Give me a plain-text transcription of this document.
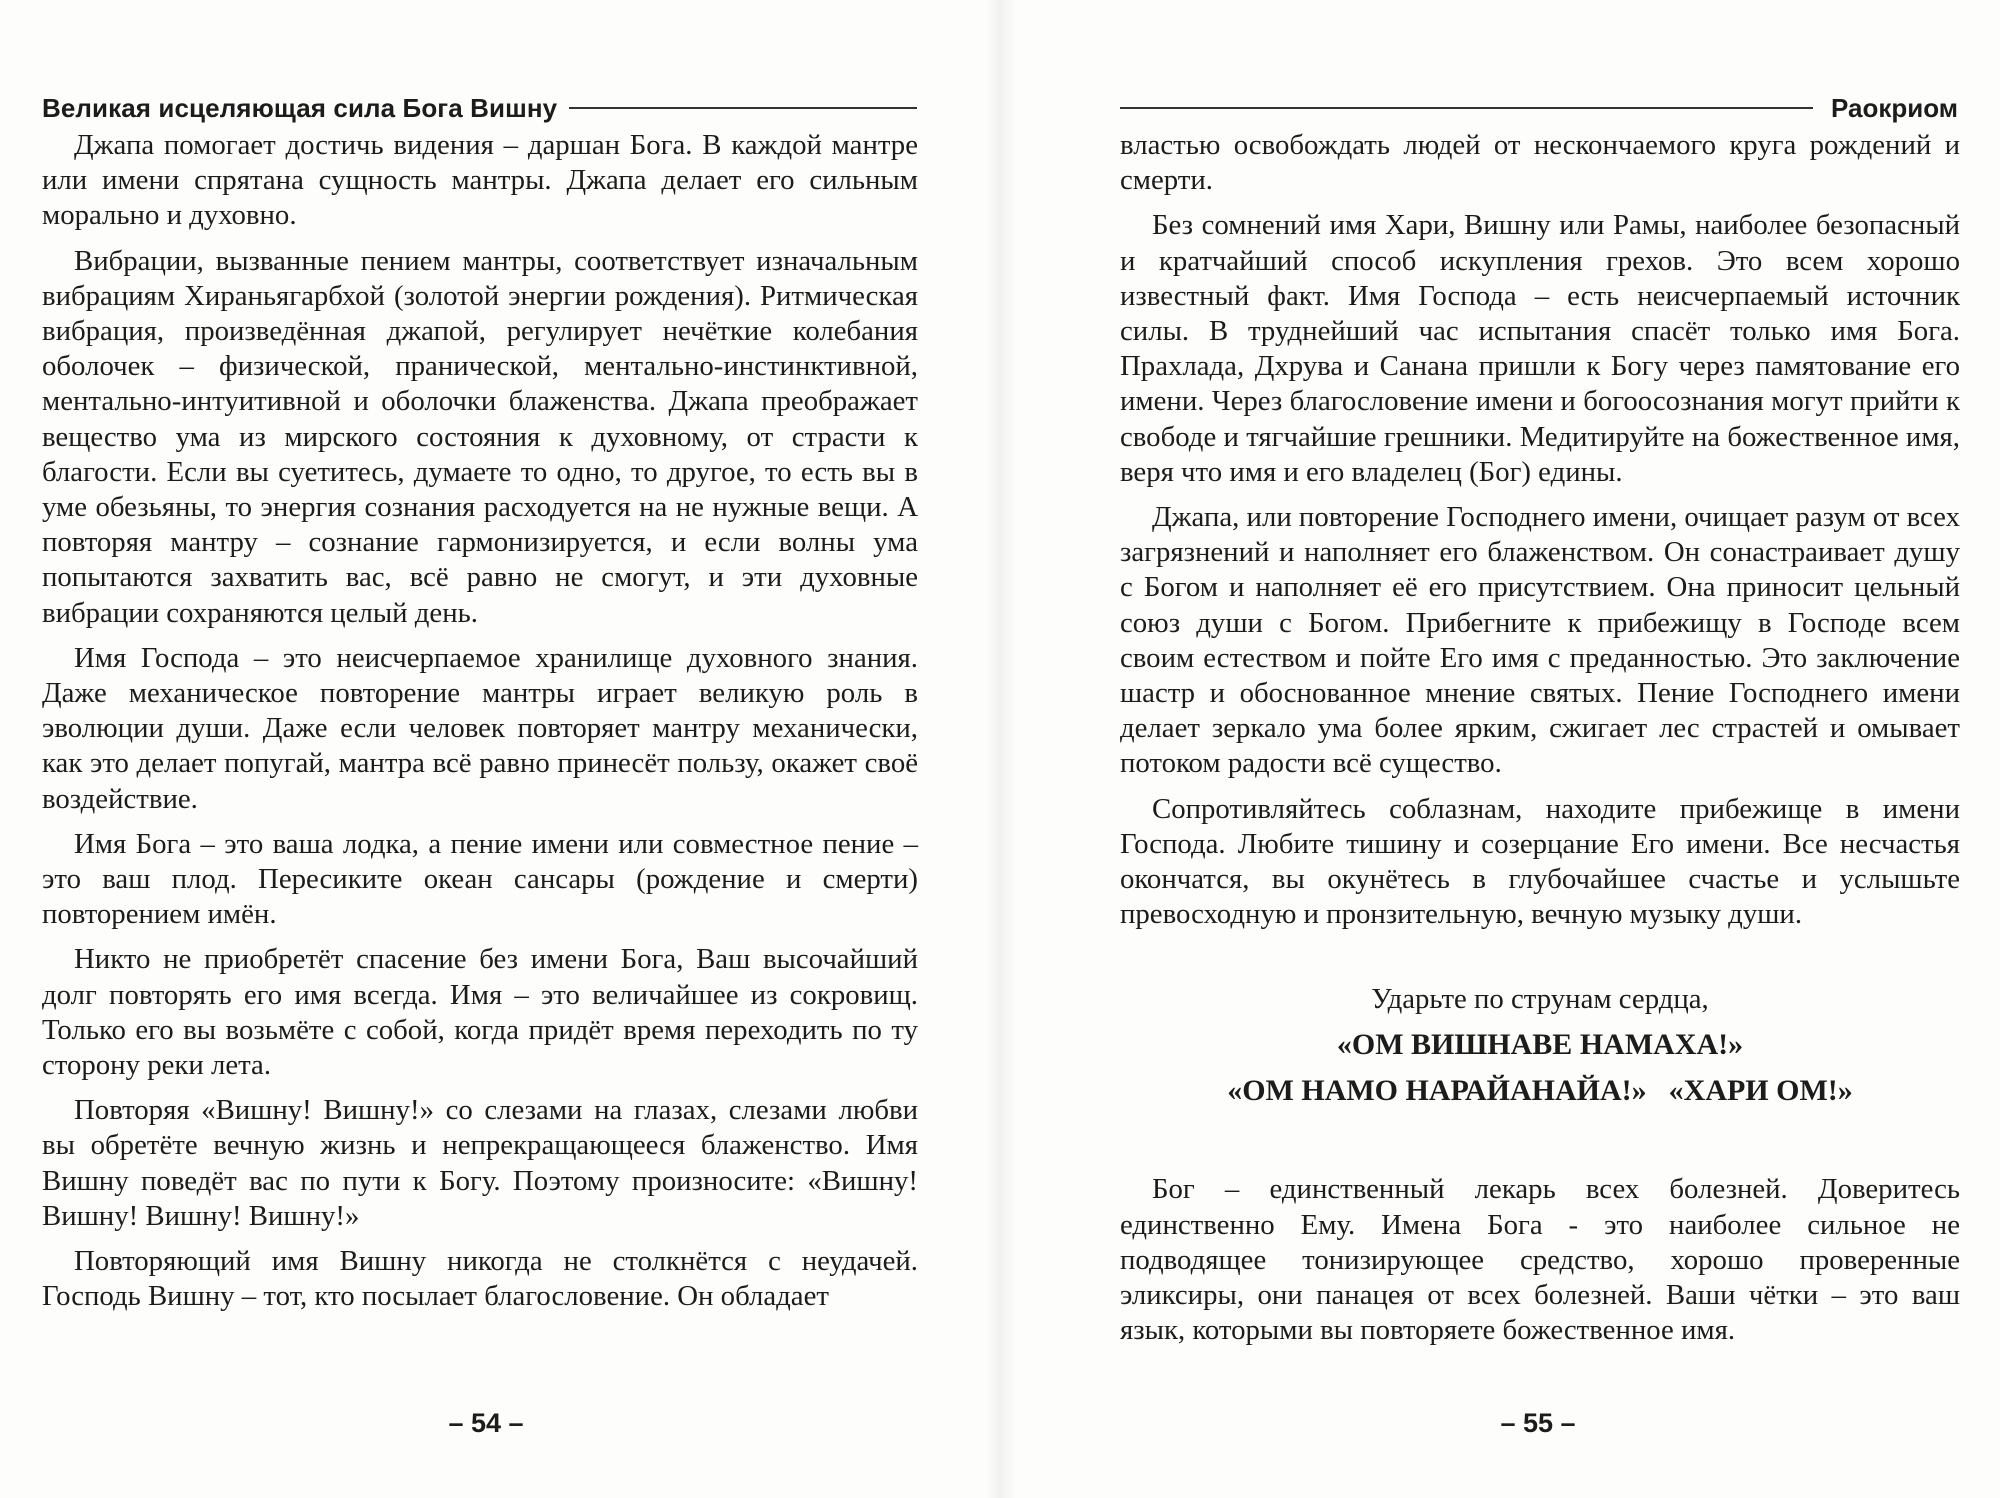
Великая исцеляющая сила Бога Вишну

Джапа помогает достичь видения – даршан Бога. В каждой мантре или имени спрятана сущность мантры. Джапа делает его сильным морально и духовно.

Вибрации, вызванные пением мантры, соответствует изначальным вибрациям Хираньягарбхой (золотой энергии рождения). Ритмическая вибрация, произведённая джапой, регулирует нечёткие колебания оболочек – физической, пранической, ментально-инстинктивной, ментально-интуитивной и оболочки блаженства. Джапа преображает вещество ума из мирского состояния к духовному, от страсти к благости. Если вы суетитесь, думаете то одно, то другое, то есть вы в уме обезьяны, то энергия сознания расходуется на не нужные вещи. А повторяя мантру – сознание гармонизируется, и если волны ума попытаются захватить вас, всё равно не смогут, и эти духовные вибрации сохраняются целый день.

Имя Господа – это неисчерпаемое хранилище духовного знания. Даже механическое повторение мантры играет великую роль в эволюции души. Даже если человек повторяет мантру механически, как это делает попугай, мантра всё равно принесёт пользу, окажет своё воздействие.

Имя Бога – это ваша лодка, а пение имени или совместное пение – это ваш плод. Пересиките океан сансары (рождение и смерти) повторением имён.

Никто не приобретёт спасение без имени Бога, Ваш высочайший долг повторять его имя всегда. Имя – это величайшее из сокровищ. Только его вы возьмёте с собой, когда придёт время переходить по ту сторону реки лета.

Повторяя «Вишну! Вишну!» со слезами на глазах, слезами любви вы обретёте вечную жизнь и непрекращающееся блаженство. Имя Вишну поведёт вас по пути к Богу. Поэтому произносите: «Вишну! Вишну! Вишну! Вишну!»

Повторяющий имя Вишну никогда не столкнётся с неудачей. Господь Вишну – тот, кто посылает благословение. Он обладает

– 54 –
Раокриом

властью освобождать людей от нескончаемого круга рождений и смерти.

Без сомнений имя Хари, Вишну или Рамы, наиболее безопасный и кратчайший способ искупления грехов. Это всем хорошо известный факт. Имя Господа – есть неисчерпаемый источник силы. В труднейший час испытания спасёт только имя Бога. Прахлада, Дхрува и Санана пришли к Богу через памятование его имени. Через благословение имени и богоосознания могут прийти к свободе и тягчайшие грешники. Медитируйте на божественное имя, веря что имя и его владелец (Бог) едины.

Джапа, или повторение Господнего имени, очищает разум от всех загрязнений и наполняет его блаженством. Он сонастраивает душу с Богом и наполняет её его присутствием. Она приносит цельный союз души с Богом. Прибегните к прибежищу в Господе всем своим естеством и пойте Его имя с преданностью. Это заключение шастр и обоснованное мнение святых. Пение Господнего имени делает зеркало ума более ярким, сжигает лес страстей и омывает потоком радости всё существо.

Сопротивляйтесь соблазнам, находите прибежище в имени Господа. Любите тишину и созерцание Его имени. Все несчастья окончатся, вы окунётесь в глубочайшее счастье и услышьте превосходную и пронзительную, вечную музыку души.

Ударьте по струнам сердца,
«ОМ ВИШНАВЕ НАМАХА!»
«ОМ НАМО НАРАЙАНАЙА!» «ХАРИ ОМ!»

Бог – единственный лекарь всех болезней. Доверитесь единственно Ему. Имена Бога - это наиболее сильное не подводящее тонизирующее средство, хорошо проверенные эликсиры, они панацея от всех болезней. Ваши чётки – это ваш язык, которыми вы повторяете божественное имя.

– 55 –
